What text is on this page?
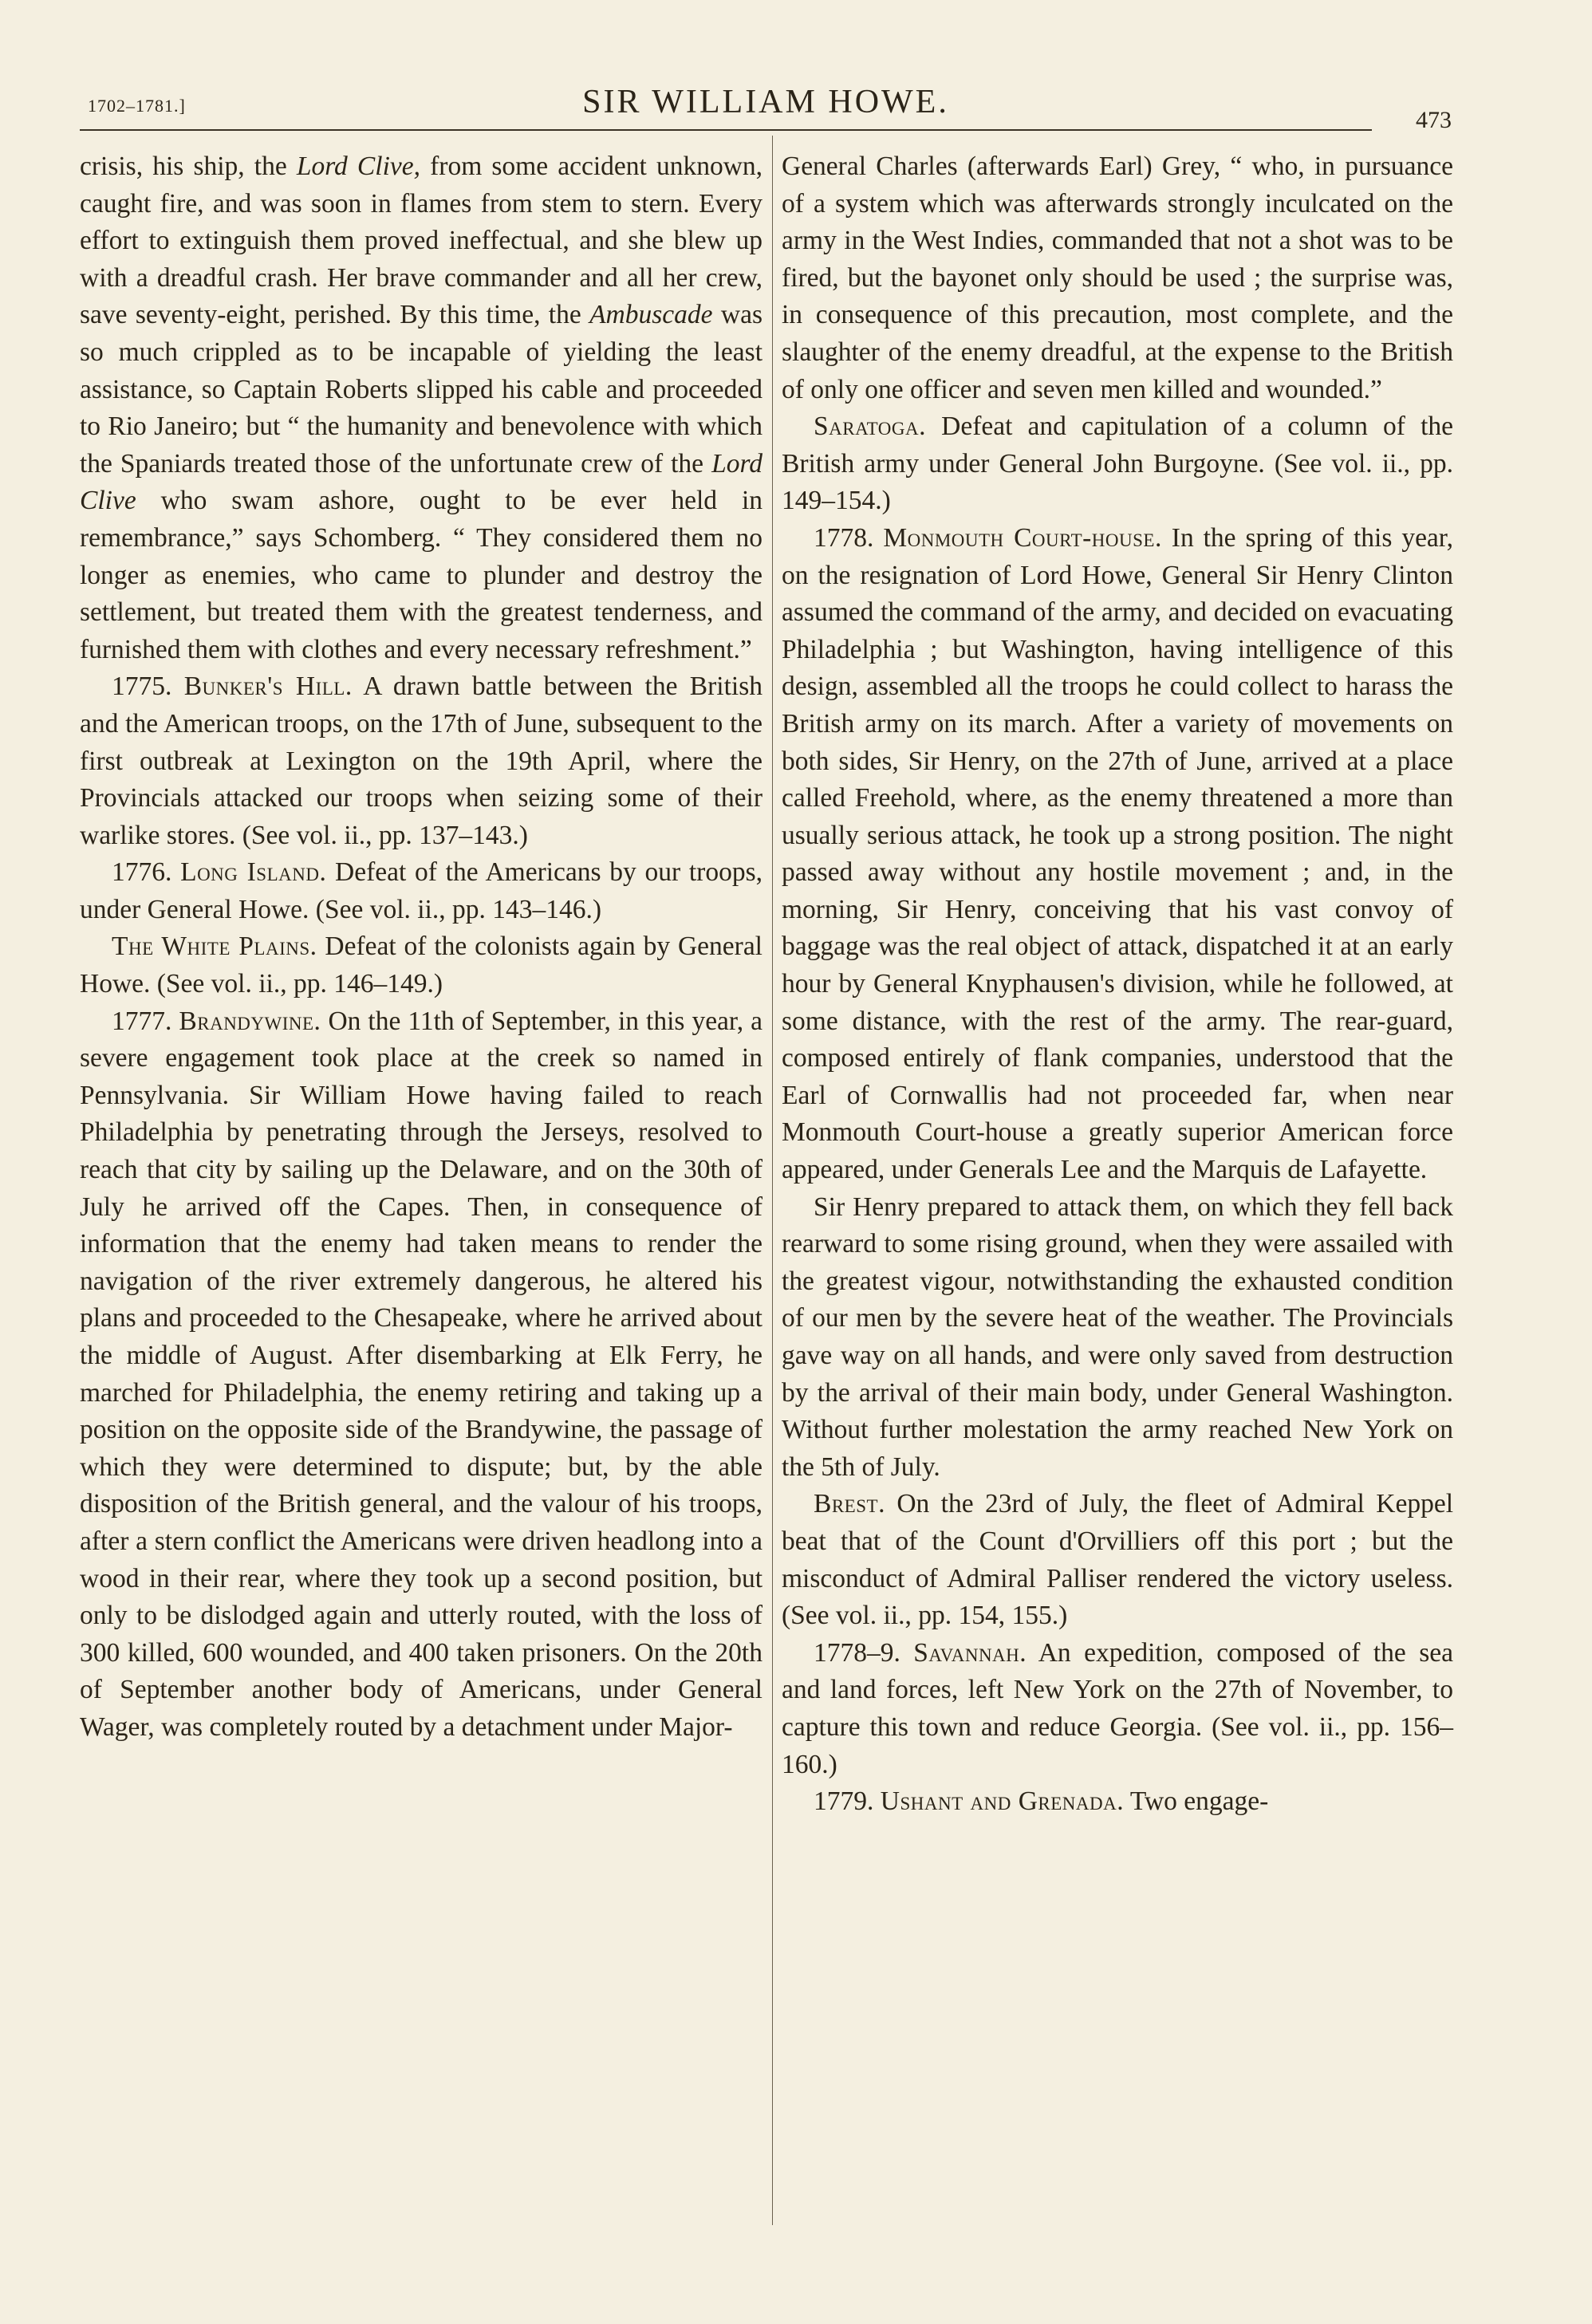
1702–1781.]	SIR WILLIAM HOWE.	473

crisis, his ship, the Lord Clive, from some accident unknown, caught fire, and was soon in flames from stem to stern. Every effort to extinguish them proved ineffectual, and she blew up with a dreadful crash. Her brave commander and all her crew, save seventy-eight, perished. By this time, the Ambuscade was so much crippled as to be incapable of yielding the least assistance, so Captain Roberts slipped his cable and proceeded to Rio Janeiro; but “ the humanity and benevolence with which the Spaniards treated those of the unfortunate crew of the Lord Clive who swam ashore, ought to be ever held in remembrance,” says Schomberg. “ They considered them no longer as enemies, who came to plunder and destroy the settlement, but treated them with the greatest tenderness, and furnished them with clothes and every necessary refreshment.”

1775. Bunker's Hill. A drawn battle between the British and the American troops, on the 17th of June, subsequent to the first outbreak at Lexington on the 19th April, where the Provincials attacked our troops when seizing some of their warlike stores. (See vol. ii., pp. 137–143.)

1776. Long Island. Defeat of the Americans by our troops, under General Howe. (See vol. ii., pp. 143–146.)

The White Plains. Defeat of the colonists again by General Howe. (See vol. ii., pp. 146–149.)

1777. Brandywine. On the 11th of September, in this year, a severe engagement took place at the creek so named in Pennsylvania. Sir William Howe having failed to reach Philadelphia by penetrating through the Jerseys, resolved to reach that city by sailing up the Delaware, and on the 30th of July he arrived off the Capes. Then, in consequence of information that the enemy had taken means to render the navigation of the river extremely dangerous, he altered his plans and proceeded to the Chesapeake, where he arrived about the middle of August. After disembarking at Elk Ferry, he marched for Philadelphia, the enemy retiring and taking up a position on the opposite side of the Brandywine, the passage of which they were determined to dispute; but, by the able disposition of the British general, and the valour of his troops, after a stern conflict the Americans were driven headlong into a wood in their rear, where they took up a second position, but only to be dislodged again and utterly routed, with the loss of 300 killed, 600 wounded, and 400 taken prisoners. On the 20th of September another body of Americans, under General Wager, was completely routed by a detachment under Major-

General Charles (afterwards Earl) Grey, “ who, in pursuance of a system which was afterwards strongly inculcated on the army in the West Indies, commanded that not a shot was to be fired, but the bayonet only should be used ; the surprise was, in consequence of this precaution, most complete, and the slaughter of the enemy dreadful, at the expense to the British of only one officer and seven men killed and wounded.”

Saratoga. Defeat and capitulation of a column of the British army under General John Burgoyne. (See vol. ii., pp. 149–154.)

1778. Monmouth Court-house. In the spring of this year, on the resignation of Lord Howe, General Sir Henry Clinton assumed the command of the army, and decided on evacuating Philadelphia ; but Washington, having intelligence of this design, assembled all the troops he could collect to harass the British army on its march. After a variety of movements on both sides, Sir Henry, on the 27th of June, arrived at a place called Freehold, where, as the enemy threatened a more than usually serious attack, he took up a strong position. The night passed away without any hostile movement ; and, in the morning, Sir Henry, conceiving that his vast convoy of baggage was the real object of attack, dispatched it at an early hour by General Knyphausen's division, while he followed, at some distance, with the rest of the army. The rear-guard, composed entirely of flank companies, understood that the Earl of Cornwallis had not proceeded far, when near Monmouth Court-house a greatly superior American force appeared, under Generals Lee and the Marquis de Lafayette.

Sir Henry prepared to attack them, on which they fell back rearward to some rising ground, when they were assailed with the greatest vigour, notwithstanding the exhausted condition of our men by the severe heat of the weather. The Provincials gave way on all hands, and were only saved from destruction by the arrival of their main body, under General Washington. Without further molestation the army reached New York on the 5th of July.

Brest. On the 23rd of July, the fleet of Admiral Keppel beat that of the Count d'Orvilliers off this port ; but the misconduct of Admiral Palliser rendered the victory useless. (See vol. ii., pp. 154, 155.)

1778–9. Savannah. An expedition, composed of the sea and land forces, left New York on the 27th of November, to capture this town and reduce Georgia. (See vol. ii., pp. 156–160.)

1779. Ushant and Grenada. Two engage-
